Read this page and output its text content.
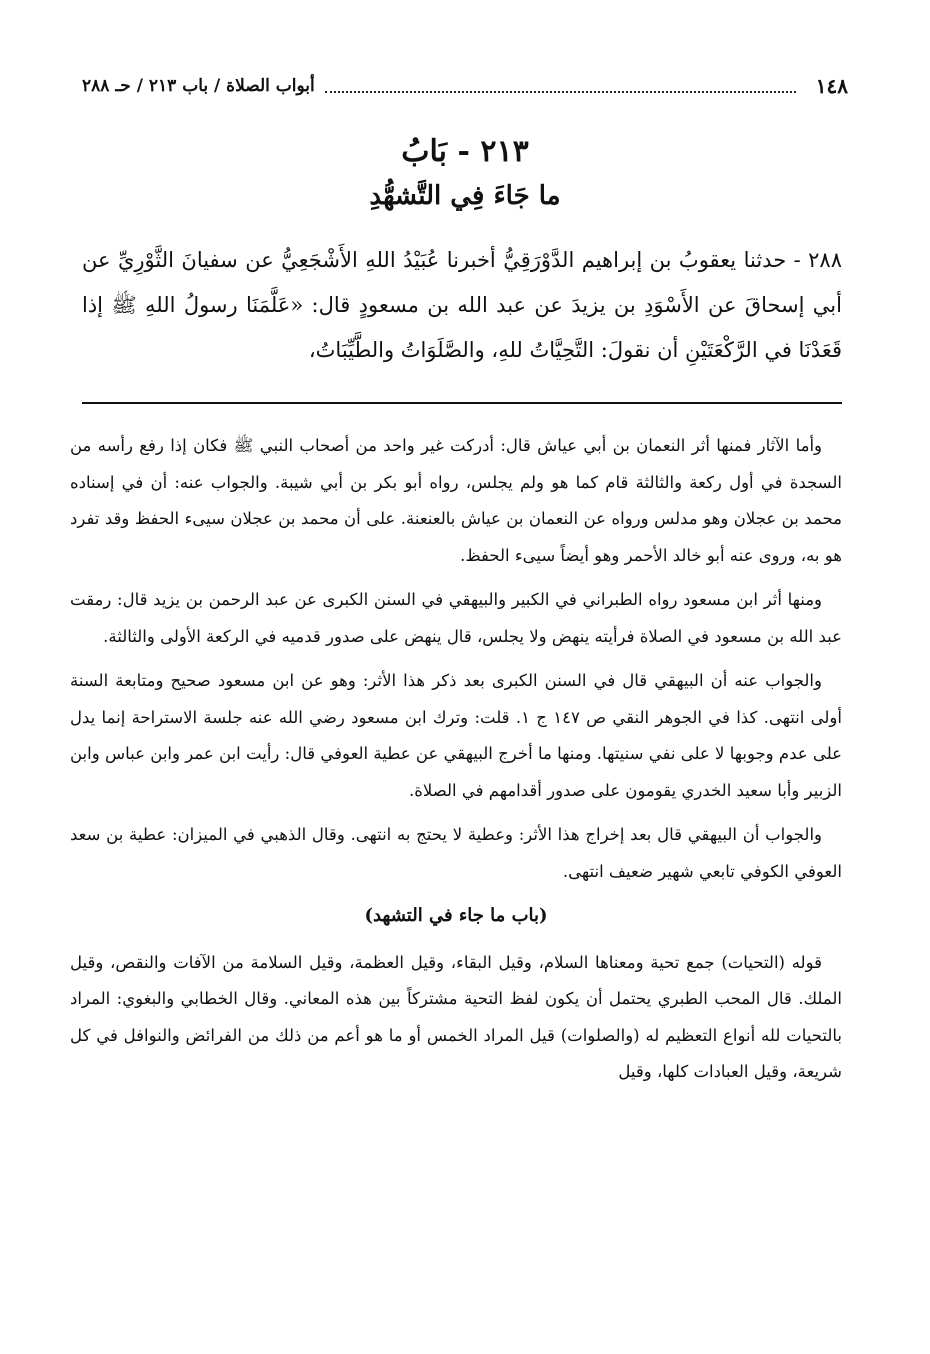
١٤٨
أبواب الصلاة / باب ٢١٣ / حـ ٢٨٨
٢١٣ - بَابُ
ما جَاءَ فِي التَّشهُّدِ
٢٨٨ - حدثنا يعقوبُ بن إبراهيم الدَّوْرَقِيُّ أخبرنا عُبَيْدُ اللهِ الأَشْجَعِيُّ عن سفيانَ الثَّوْرِيِّ عن أبي إسحاقَ عن الأَسْوَدِ بن يزيدَ عن عبد الله بن مسعودٍ قال: «عَلَّمَنَا رسولُ اللهِ ﷺ إذا قَعَدْنَا في الرَّكْعَتَيْنِ أن نقولَ: التَّحِيَّاتُ للهِ، والصَّلَوَاتُ والطَّيِّبَاتُ،

وأما الآثار فمنها أثر النعمان بن أبي عياش قال: أدركت غير واحد من أصحاب النبي ﷺ فكان إذا رفع رأسه من السجدة في أول ركعة والثالثة قام كما هو ولم يجلس، رواه أبو بكر بن أبي شيبة. والجواب عنه: أن في إسناده محمد بن عجلان وهو مدلس ورواه عن النعمان بن عياش بالعنعنة. على أن محمد بن عجلان سيىء الحفظ وقد تفرد هو به، وروى عنه أبو خالد الأحمر وهو أيضاً سيىء الحفظ.

ومنها أثر ابن مسعود رواه الطبراني في الكبير والبيهقي في السنن الكبرى عن عبد الرحمن بن يزيد قال: رمقت عبد الله بن مسعود في الصلاة فرأيته ينهض ولا يجلس، قال ينهض على صدور قدميه في الركعة الأولى والثالثة.

والجواب عنه أن البيهقي قال في السنن الكبرى بعد ذكر هذا الأثر: وهو عن ابن مسعود صحيح ومتابعة السنة أولى انتهى. كذا في الجوهر النقي ص ١٤٧ ج ١. قلت: وترك ابن مسعود رضي الله عنه جلسة الاستراحة إنما يدل على عدم وجوبها لا على نفي سنيتها. ومنها ما أخرج البيهقي عن عطية العوفي قال: رأيت ابن عمر وابن عباس وابن الزبير وأبا سعيد الخدري يقومون على صدور أقدامهم في الصلاة.

والجواب أن البيهقي قال بعد إخراج هذا الأثر: وعطية لا يحتج به انتهى. وقال الذهبي في الميزان: عطية بن سعد العوفي الكوفي تابعي شهير ضعيف انتهى.

(باب ما جاء في التشهد)

قوله (التحيات) جمع تحية ومعناها السلام، وقيل البقاء، وقيل العظمة، وقيل السلامة من الآفات والنقص، وقيل الملك. قال المحب الطبري يحتمل أن يكون لفظ التحية مشتركاً بين هذه المعاني. وقال الخطابي والبغوي: المراد بالتحيات لله أنواع التعظيم له (والصلوات) قيل المراد الخمس أو ما هو أعم من ذلك من الفرائض والنوافل في كل شريعة، وقيل العبادات كلها، وقيل
